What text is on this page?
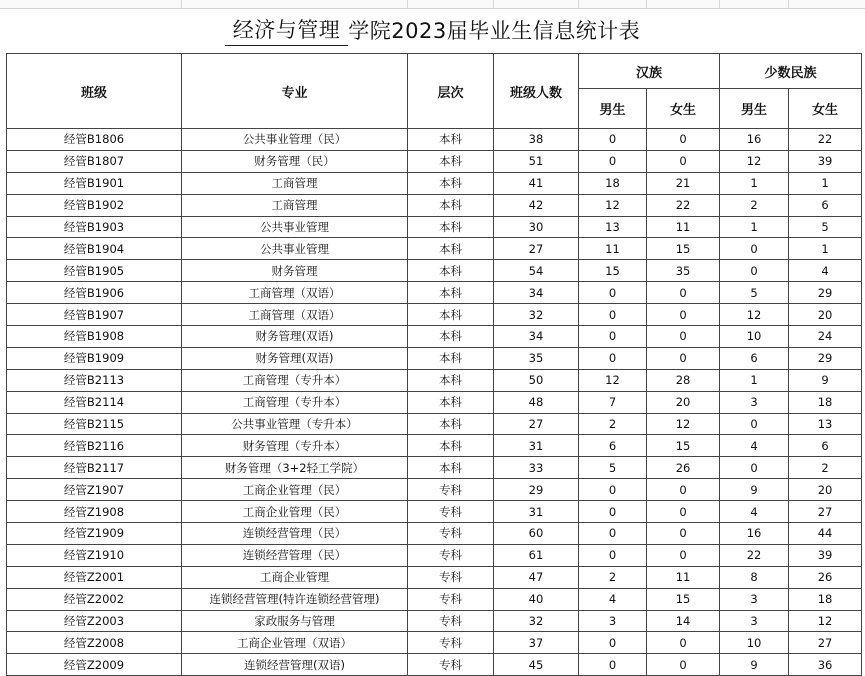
经济与管理 学院2023届毕业生信息统计表
班级	专业	层次	班级人数	汉族		少数民族	
				男生	女生	男生	女生
经管B1806	公共事业管理（民）	本科	38	0	0	16	22
经管B1807	财务管理（民）	本科	51	0	0	12	39
经管B1901	工商管理	本科	41	18	21	1	1
经管B1902	工商管理	本科	42	12	22	2	6
经管B1903	公共事业管理	本科	30	13	11	1	5
经管B1904	公共事业管理	本科	27	11	15	0	1
经管B1905	财务管理	本科	54	15	35	0	4
经管B1906	工商管理（双语）	本科	34	0	0	5	29
经管B1907	工商管理（双语）	本科	32	0	0	12	20
经管B1908	财务管理(双语)	本科	34	0	0	10	24
经管B1909	财务管理(双语)	本科	35	0	0	6	29
经管B2113	工商管理（专升本）	本科	50	12	28	1	9
经管B2114	工商管理（专升本）	本科	48	7	20	3	18
经管B2115	公共事业管理（专升本）	本科	27	2	12	0	13
经管B2116	财务管理（专升本）	本科	31	6	15	4	6
经管B2117	财务管理（3+2轻工学院）	本科	33	5	26	0	2
经管Z1907	工商企业管理（民）	专科	29	0	0	9	20
经管Z1908	工商企业管理（民）	专科	31	0	0	4	27
经管Z1909	连锁经营管理（民）	专科	60	0	0	16	44
经管Z1910	连锁经营管理（民）	专科	61	0	0	22	39
经管Z2001	工商企业管理	专科	47	2	11	8	26
经管Z2002	连锁经营管理(特许连锁经营管理)	专科	40	4	15	3	18
经管Z2003	家政服务与管理	专科	32	3	14	3	12
经管Z2008	工商企业管理（双语）	专科	37	0	0	10	27
经管Z2009	连锁经营管理(双语)	专科	45	0	0	9	36
